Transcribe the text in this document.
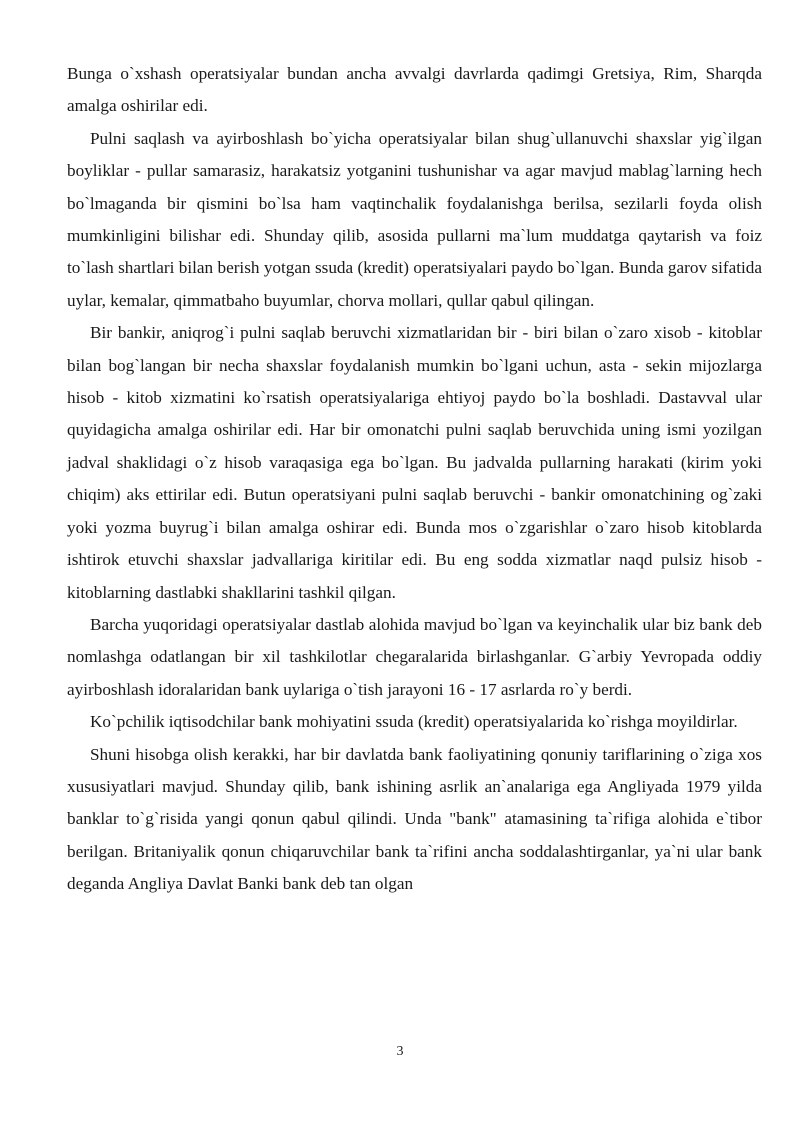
Bunga o`xshash operatsiyalar bundan ancha avvalgi davrlarda qadimgi Gretsiya, Rim, Sharqda amalga oshirilar edi.

Pulni saqlash va ayirboshlash bo`yicha operatsiyalar bilan shug`ullanuvchi shaxslar yig`ilgan boyliklar - pullar samarasiz, harakatsiz yotganini tushunishar va agar mavjud mablag`larning hech bo`lmaganda bir qismini bo`lsa ham vaqtinchalik foydalanishga berilsa, sezilarli foyda olish mumkinligini bilishar edi. Shunday qilib, asosida pullarni ma`lum muddatga qaytarish va foiz to`lash shartlari bilan berish yotgan ssuda (kredit) operatsiyalari paydo bo`lgan. Bunda garov sifatida uylar, kemalar, qimmatbaho buyumlar, chorva mollari, qullar qabul qilingan.

Bir bankir, aniqrog`i pulni saqlab beruvchi xizmatlaridan bir - biri bilan o`zaro xisob - kitoblar bilan bog`langan bir necha shaxslar foydalanish mumkin bo`lgani uchun, asta - sekin mijozlarga hisob - kitob xizmatini ko`rsatish operatsiyalariga ehtiyoj paydo bo`la boshladi. Dastavval ular quyidagicha amalga oshirilar edi. Har bir omonatchi pulni saqlab beruvchida uning ismi yozilgan jadval shaklidagi o`z hisob varaqasiga ega bo`lgan. Bu jadvalda pullarning harakati (kirim yoki chiqim) aks ettirilar edi. Butun operatsiyani pulni saqlab beruvchi - bankir omonatchining og`zaki yoki yozma buyrug`i bilan amalga oshirar edi. Bunda mos o`zgarishlar o`zaro hisob kitoblarda ishtirok etuvchi shaxslar jadvallariga kiritilar edi. Bu eng sodda xizmatlar naqd pulsiz hisob - kitoblarning dastlabki shakllarini tashkil qilgan.

Barcha yuqoridagi operatsiyalar dastlab alohida mavjud bo`lgan va keyinchalik ular biz bank deb nomlashga odatlangan bir xil tashkilotlar chegaralarida birlashganlar. G`arbiy Yevropada oddiy ayirboshlash idoralaridan bank uylariga o`tish jarayoni 16 - 17 asrlarda ro`y berdi.

Ko`pchilik iqtisodchilar bank mohiyatini ssuda (kredit) operatsiyalarida ko`rishga moyildirlar.

Shuni hisobga olish kerakki, har bir davlatda bank faoliyatining qonuniy tariflarining o`ziga xos xususiyatlari mavjud. Shunday qilib, bank ishining asrlik an`analariga ega Angliyada 1979 yilda banklar to`g`risida yangi qonun qabul qilindi. Unda "bank" atamasining ta`rifiga alohida e`tibor berilgan. Britaniyalik qonun chiqaruvchilar bank ta`rifini ancha soddalashtirganlar, ya`ni ular bank deganda Angliya Davlat Banki bank deb tan olgan

3
